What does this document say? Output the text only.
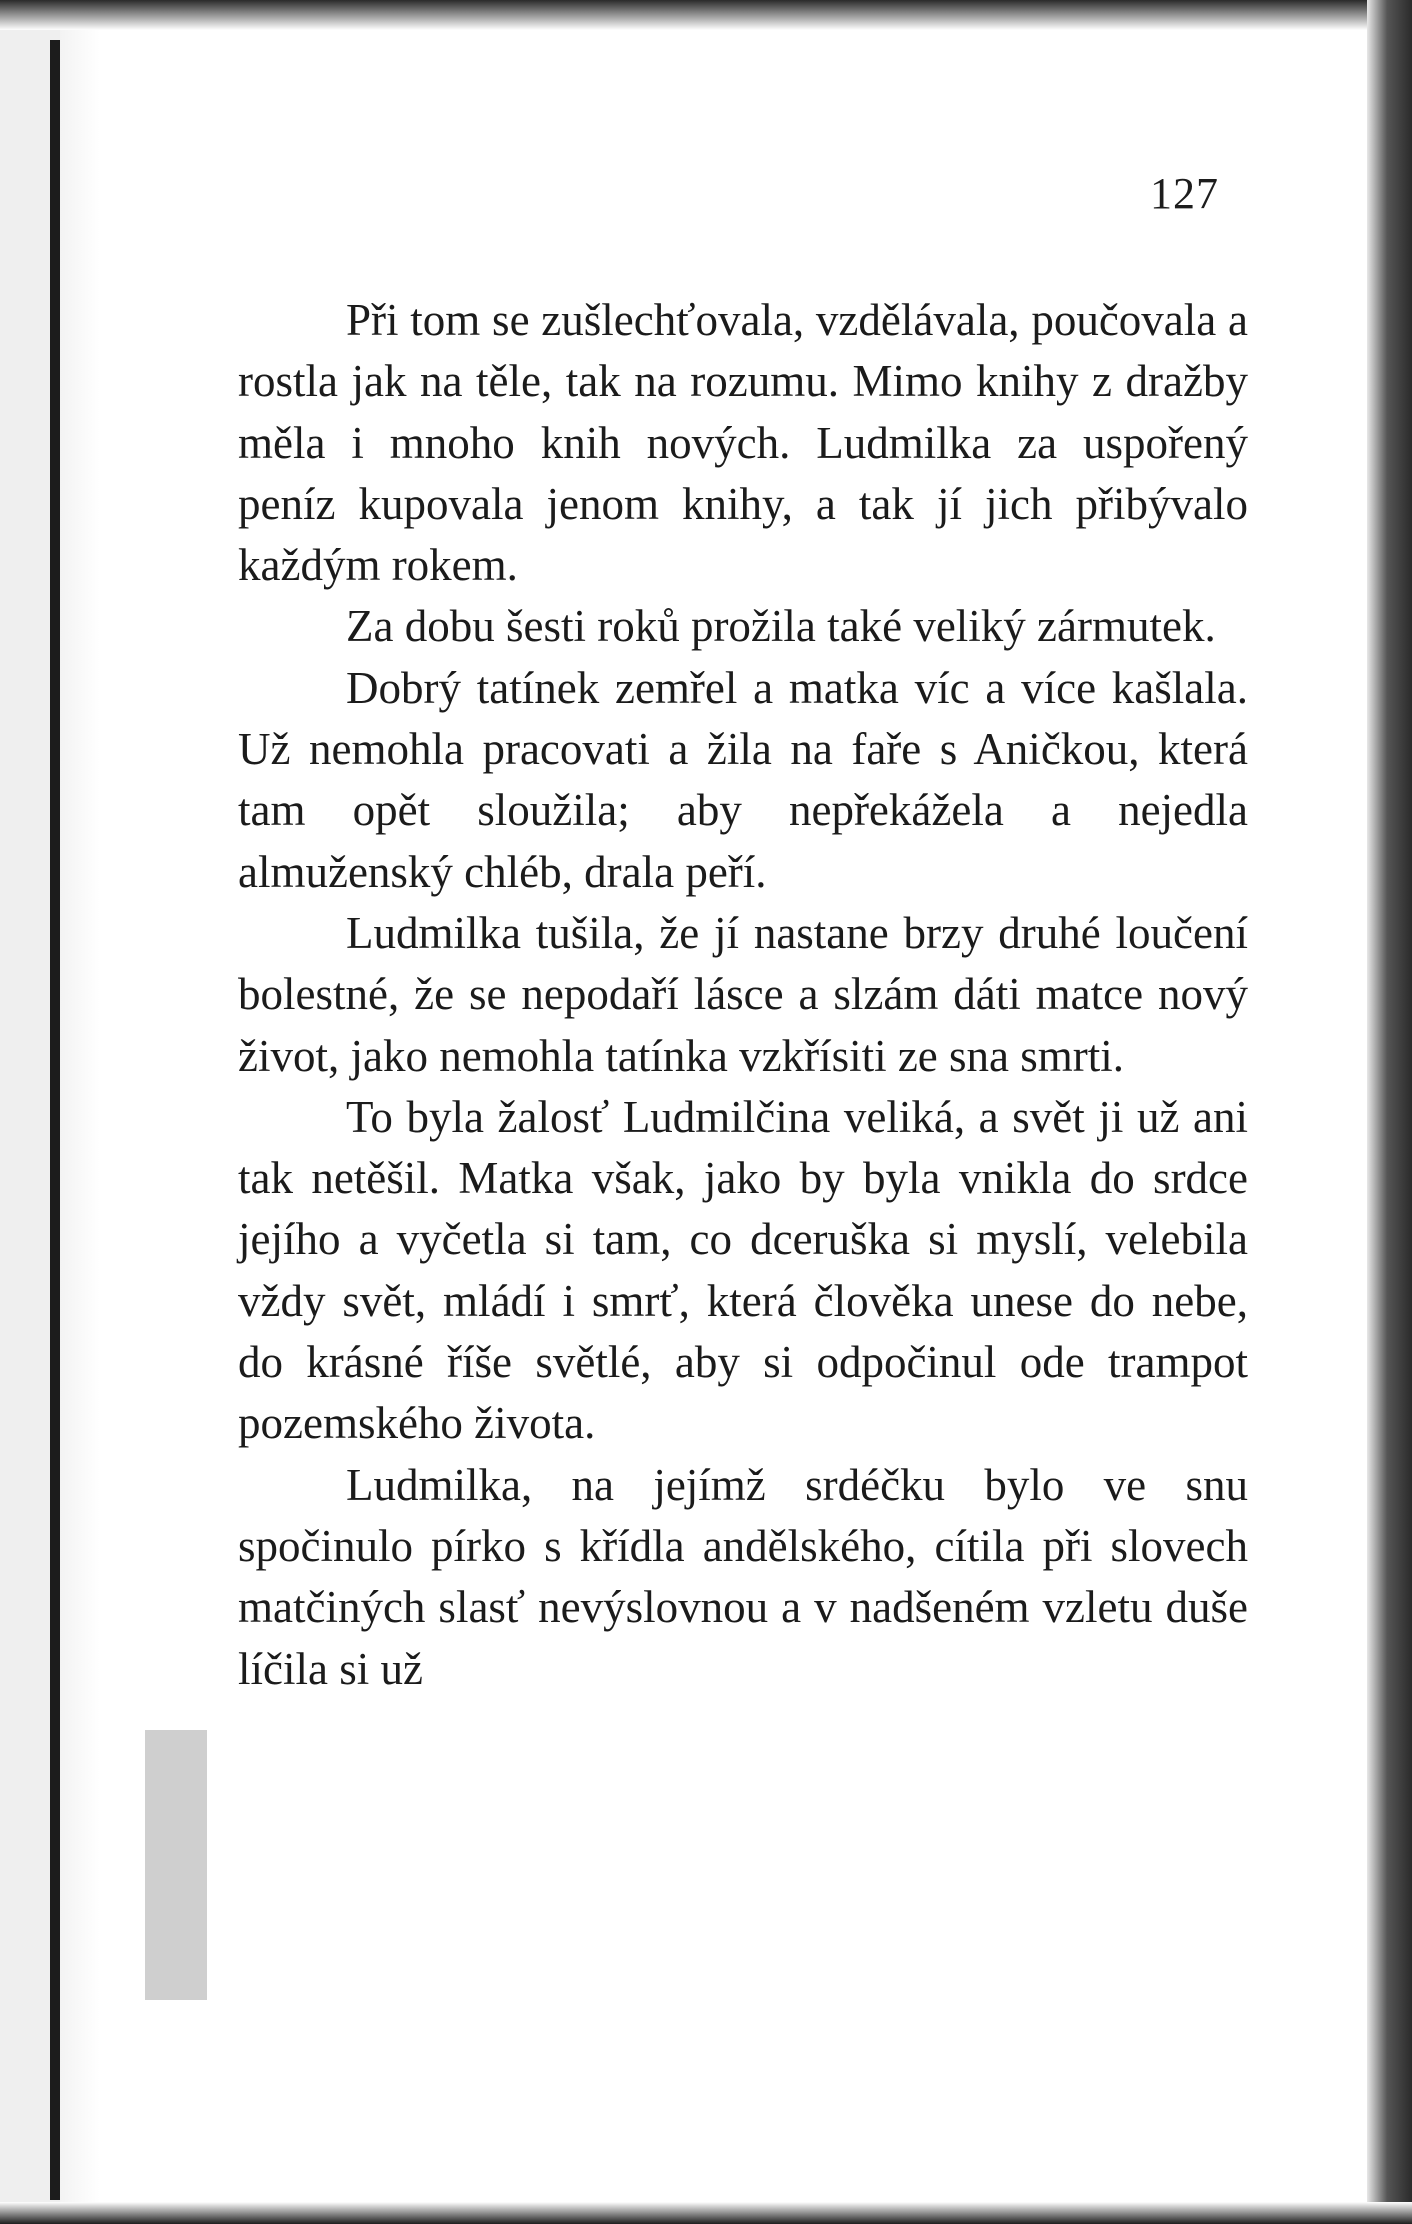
127

Při tom se zušlechťovala, vzdělávala, poučovala a rostla jak na těle, tak na rozumu. Mimo knihy z dražby měla i mnoho knih nových. Ludmilka za uspořený peníz kupovala jenom knihy, a tak jí jich přibývalo každým rokem.

Za dobu šesti roků prožila také veliký zármutek.

Dobrý tatínek zemřel a matka víc a více kašlala. Už nemohla pracovati a žila na faře s Aničkou, která tam opět sloužila; aby nepřekážela a nejedla almuženský chléb, drala peří.

Ludmilka tušila, že jí nastane brzy druhé loučení bolestné, že se nepodaří lásce a slzám dáti matce nový život, jako nemohla tatínka vzkřísiti ze sna smrti.

To byla žalosť Ludmilčina veliká, a svět ji už ani tak netěšil. Matka však, jako by byla vnikla do srdce jejího a vyčetla si tam, co dceruška si myslí, velebila vždy svět, mládí i smrť, která člověka unese do nebe, do krásné říše světlé, aby si odpočinul ode trampot pozemského života.

Ludmilka, na jejímž srdéčku bylo ve snu spočinulo pírko s křídla andělského, cítila při slovech matčiných slasť nevýslovnou a v nadšeném vzletu duše líčila si už
